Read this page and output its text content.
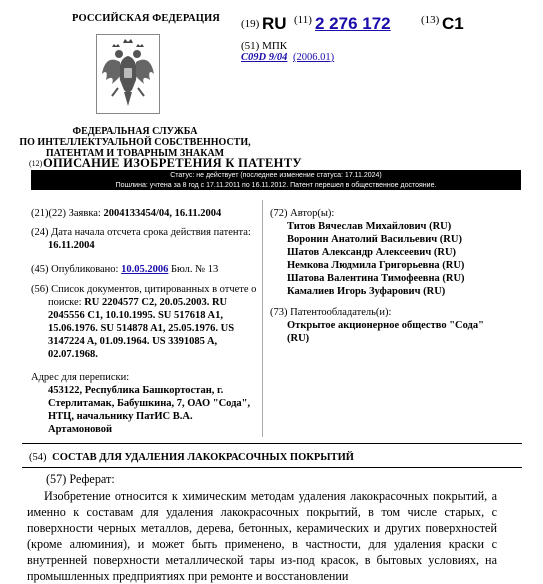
РОССИЙСКАЯ ФЕДЕРАЦИЯ (19) RU (11) 2 276 172	(13) C1
(51) МПК
C09D 9/04 (2006.01)
ФЕДЕРАЛЬНАЯ СЛУЖБА
ПО ИНТЕЛЛЕКТУАЛЬНОЙ СОБСТВЕННОСТИ,
ПАТЕНТАМ И ТОВАРНЫМ ЗНАКАМ
(12) ОПИСАНИЕ ИЗОБРЕТЕНИЯ К ПАТЕНТУ
Статус: не действует (последнее изменение статуса: 17.11.2024)
Пошлина: учтена за 8 год с 17.11.2011 по 16.11.2012. Патент перешел в общественное достояние.
(21)(22) Заявка: 2004133454/04, 16.11.2004
(24) Дата начала отсчета срока действия патента:
16.11.2004
(45) Опубликовано: 10.05.2006 Бюл. № 13
(56) Список документов, цитированных в отчете о поиске: RU 2204577 C2, 20.05.2003. RU 2045556 C1, 10.10.1995. SU 517618 A1, 15.06.1976. SU 514878 A1, 25.05.1976. US 3147224 A, 01.09.1964. US 3391085 A, 02.07.1968.
Адрес для переписки:
453122, Республика Башкортостан, г. Стерлитамак, Бабушкина, 7, ОАО "Сода", НТЦ, начальнику ПатИС В.А. Артамоновой
(72) Автор(ы):
Титов Вячеслав Михайлович (RU)
Воронин Анатолий Васильевич (RU)
Шатов Александр Алексеевич (RU)
Немкова Людмила Григорьевна (RU)
Шатова Валентина Тимофеевна (RU)
Камалиев Игорь Зуфарович (RU)
(73) Патентообладатель(и):
Открытое акционерное общество "Сода" (RU)
(54) СОСТАВ ДЛЯ УДАЛЕНИЯ ЛАКОКРАСОЧНЫХ ПОКРЫТИЙ
(57) Реферат:
Изобретение относится к химическим методам удаления лакокрасочных покрытий, а именно к составам для удаления лакокрасочных покрытий, в том числе старых, с поверхности черных металлов, дерева, бетонных, керамических и других поверхностей (кроме алюминия), и может быть применено, в частности, для удаления краски с внутренней поверхности металлической тары из-под красок, в бытовых условиях, на промышленных предприятиях при ремонте и восстановлении
